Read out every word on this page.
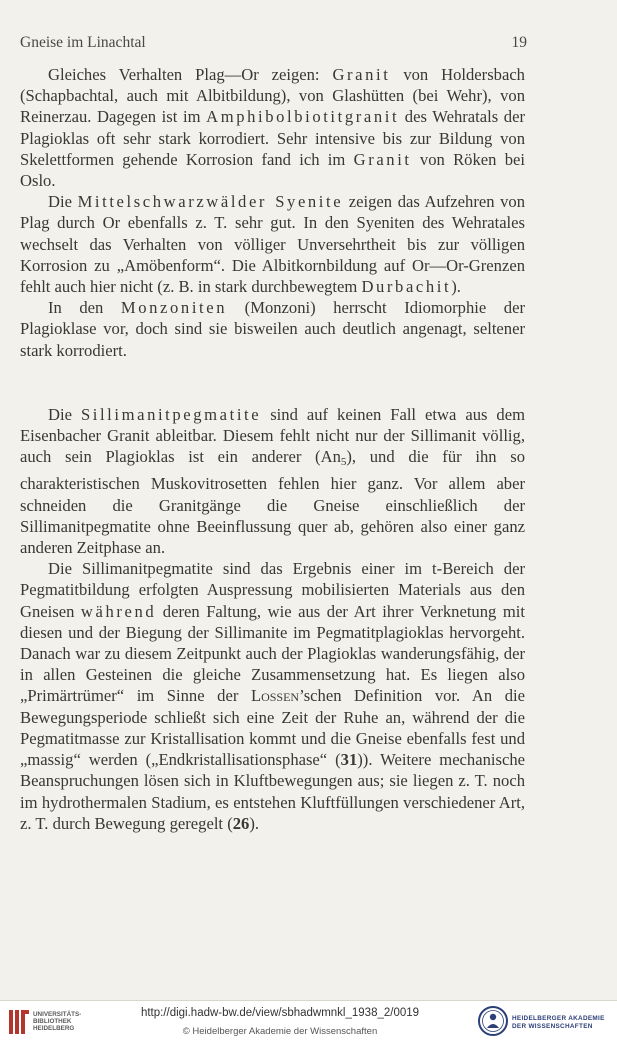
Gneise im Linachtal	19

Gleiches Verhalten Plag—Or zeigen: Granit von Holdersbach (Schapbachtal, auch mit Albitbildung), von Glashütten (bei Wehr), von Reinerzau. Dagegen ist im Amphibolbiotitgranit des Wehratals der Plagioklas oft sehr stark korrodiert. Sehr intensive bis zur Bildung von Skelettformen gehende Korrosion fand ich im Granit von Röken bei Oslo.

Die Mittelschwarzwälder Syenite zeigen das Aufzehren von Plag durch Or ebenfalls z. T. sehr gut. In den Syeniten des Wehratales wechselt das Verhalten von völliger Unversehrtheit bis zur völligen Korrosion zu „Amöbenform“. Die Albitkornbildung auf Or—Or-Grenzen fehlt auch hier nicht (z. B. in stark durchbewegtem Durbachit).

In den Monzoniten (Monzoni) herrscht Idiomorphie der Plagioklase vor, doch sind sie bisweilen auch deutlich angenagt, seltener stark korrodiert.

Die Sillimanitpegmatite sind auf keinen Fall etwa aus dem Eisenbacher Granit ableitbar. Diesem fehlt nicht nur der Sillimanit völlig, auch sein Plagioklas ist ein anderer $(An_5)$, und die für ihn so charakteristischen Muskovitrosetten fehlen hier ganz. Vor allem aber schneiden die Granitgänge die Gneise einschließlich der Sillimanitpegmatite ohne Beeinflussung quer ab, gehören also einer ganz anderen Zeitphase an.

Die Sillimanitpegmatite sind das Ergebnis einer im t-Bereich der Pegmatitbildung erfolgten Auspressung mobilisierten Materials aus den Gneisen während deren Faltung, wie aus der Art ihrer Verknetung mit diesen und der Biegung der Sillimanite im Pegmatitplagioklas hervorgeht. Danach war zu diesem Zeitpunkt auch der Plagioklas wanderungsfähig, der in allen Gesteinen die gleiche Zusammensetzung hat. Es liegen also „Primärtrümer“ im Sinne der Lossen’schen Definition vor. An die Bewegungsperiode schließt sich eine Zeit der Ruhe an, während der die Pegmatitmasse zur Kristallisation kommt und die Gneise ebenfalls fest und „massig“ werden („Endkristallisationsphase“ (31)). Weitere mechanische Beanspruchungen lösen sich in Kluftbewegungen aus; sie liegen z. T. noch im hydrothermalen Stadium, es entstehen Kluftfüllungen verschiedener Art, z. T. durch Bewegung geregelt (26).

UNIVERSITÄTS-
BIBLIOTHEK
HEIDELBERG
http://digi.hadw-bw.de/view/sbhadwmnkl_1938_2/0019
© Heidelberger Akademie der Wissenschaften
HEIDELBERGER AKADEMIE
DER WISSENSCHAFTEN
